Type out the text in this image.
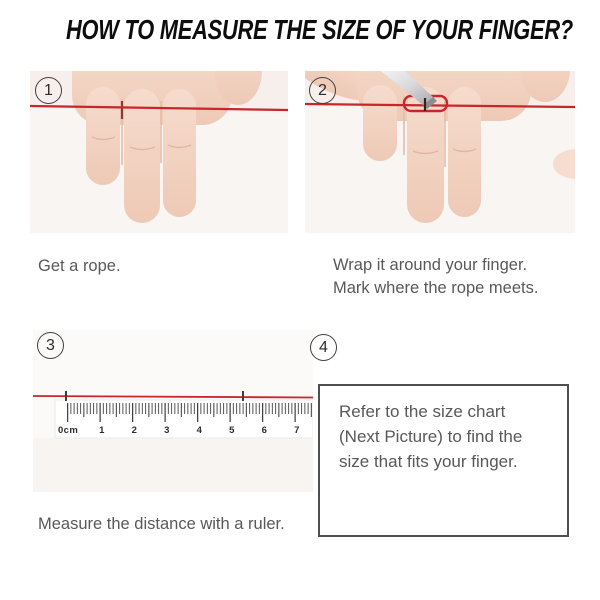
HOW TO MEASURE THE SIZE OF YOUR FINGER?
0cm 1	2	3	4	5	6	7
1	2
3	4
Get a rope.	Wrap it around your finger.
Mark where the rope meets.
Measure the distance with a ruler.
Refer to the size chart
(Next Picture) to find the
size that fits your finger.
